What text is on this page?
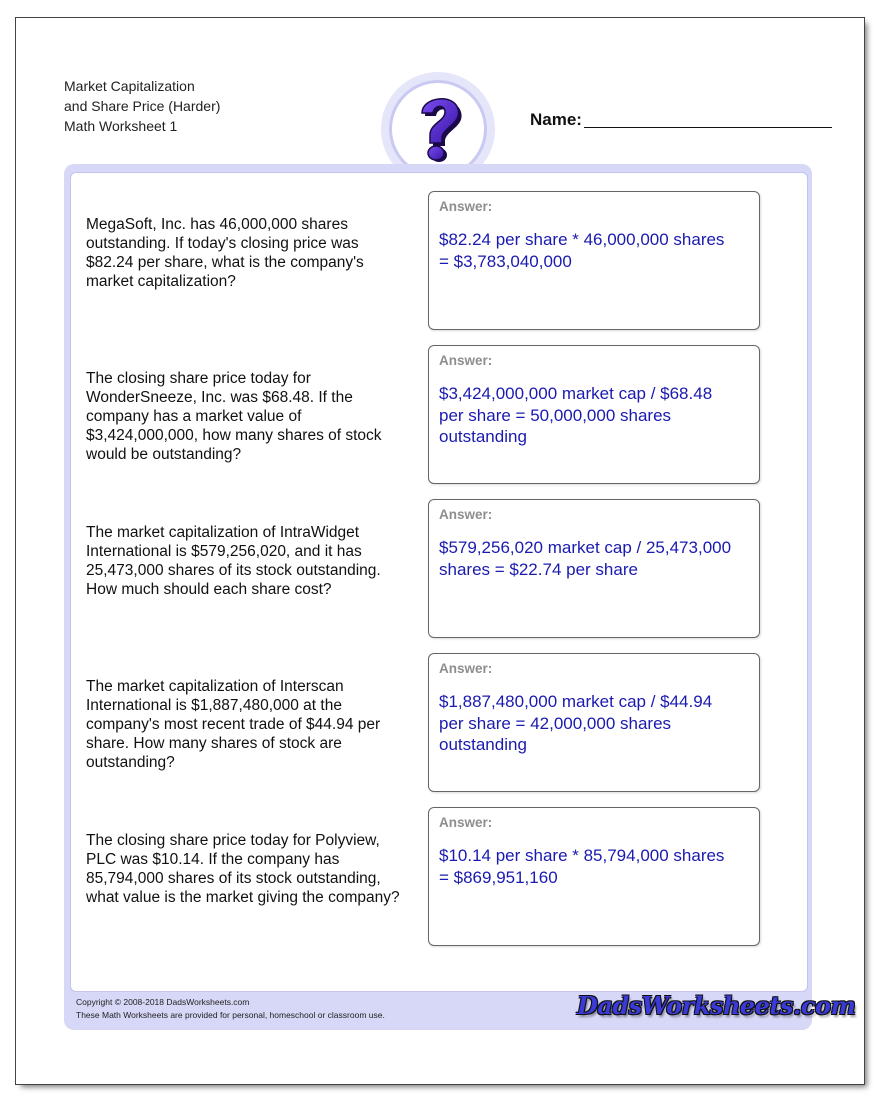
Market Capitalization
and Share Price (Harder)
Math Worksheet 1	Name:
MegaSoft, Inc. has 46,000,000 shares outstanding. If today's closing price was $82.24 per share, what is the company's market capitalization?
Answer:
$82.24 per share * 46,000,000 shares = $3,783,040,000
The closing share price today for WonderSneeze, Inc. was $68.48. If the company has a market value of $3,424,000,000, how many shares of stock would be outstanding?
Answer:
$3,424,000,000 market cap / $68.48 per share = 50,000,000 shares outstanding
The market capitalization of IntraWidget International is $579,256,020, and it has 25,473,000 shares of its stock outstanding. How much should each share cost?
Answer:
$579,256,020 market cap / 25,473,000 shares = $22.74 per share
The market capitalization of Interscan International is $1,887,480,000 at the company's most recent trade of $44.94 per share. How many shares of stock are outstanding?
Answer:
$1,887,480,000 market cap / $44.94 per share = 42,000,000 shares outstanding
The closing share price today for Polyview, PLC was $10.14. If the company has 85,794,000 shares of its stock outstanding, what value is the market giving the company?
Answer:
$10.14 per share * 85,794,000 shares = $869,951,160
Copyright © 2008-2018 DadsWorksheets.com
These Math Worksheets are provided for personal, homeschool or classroom use.	DadsWorksheets.com
